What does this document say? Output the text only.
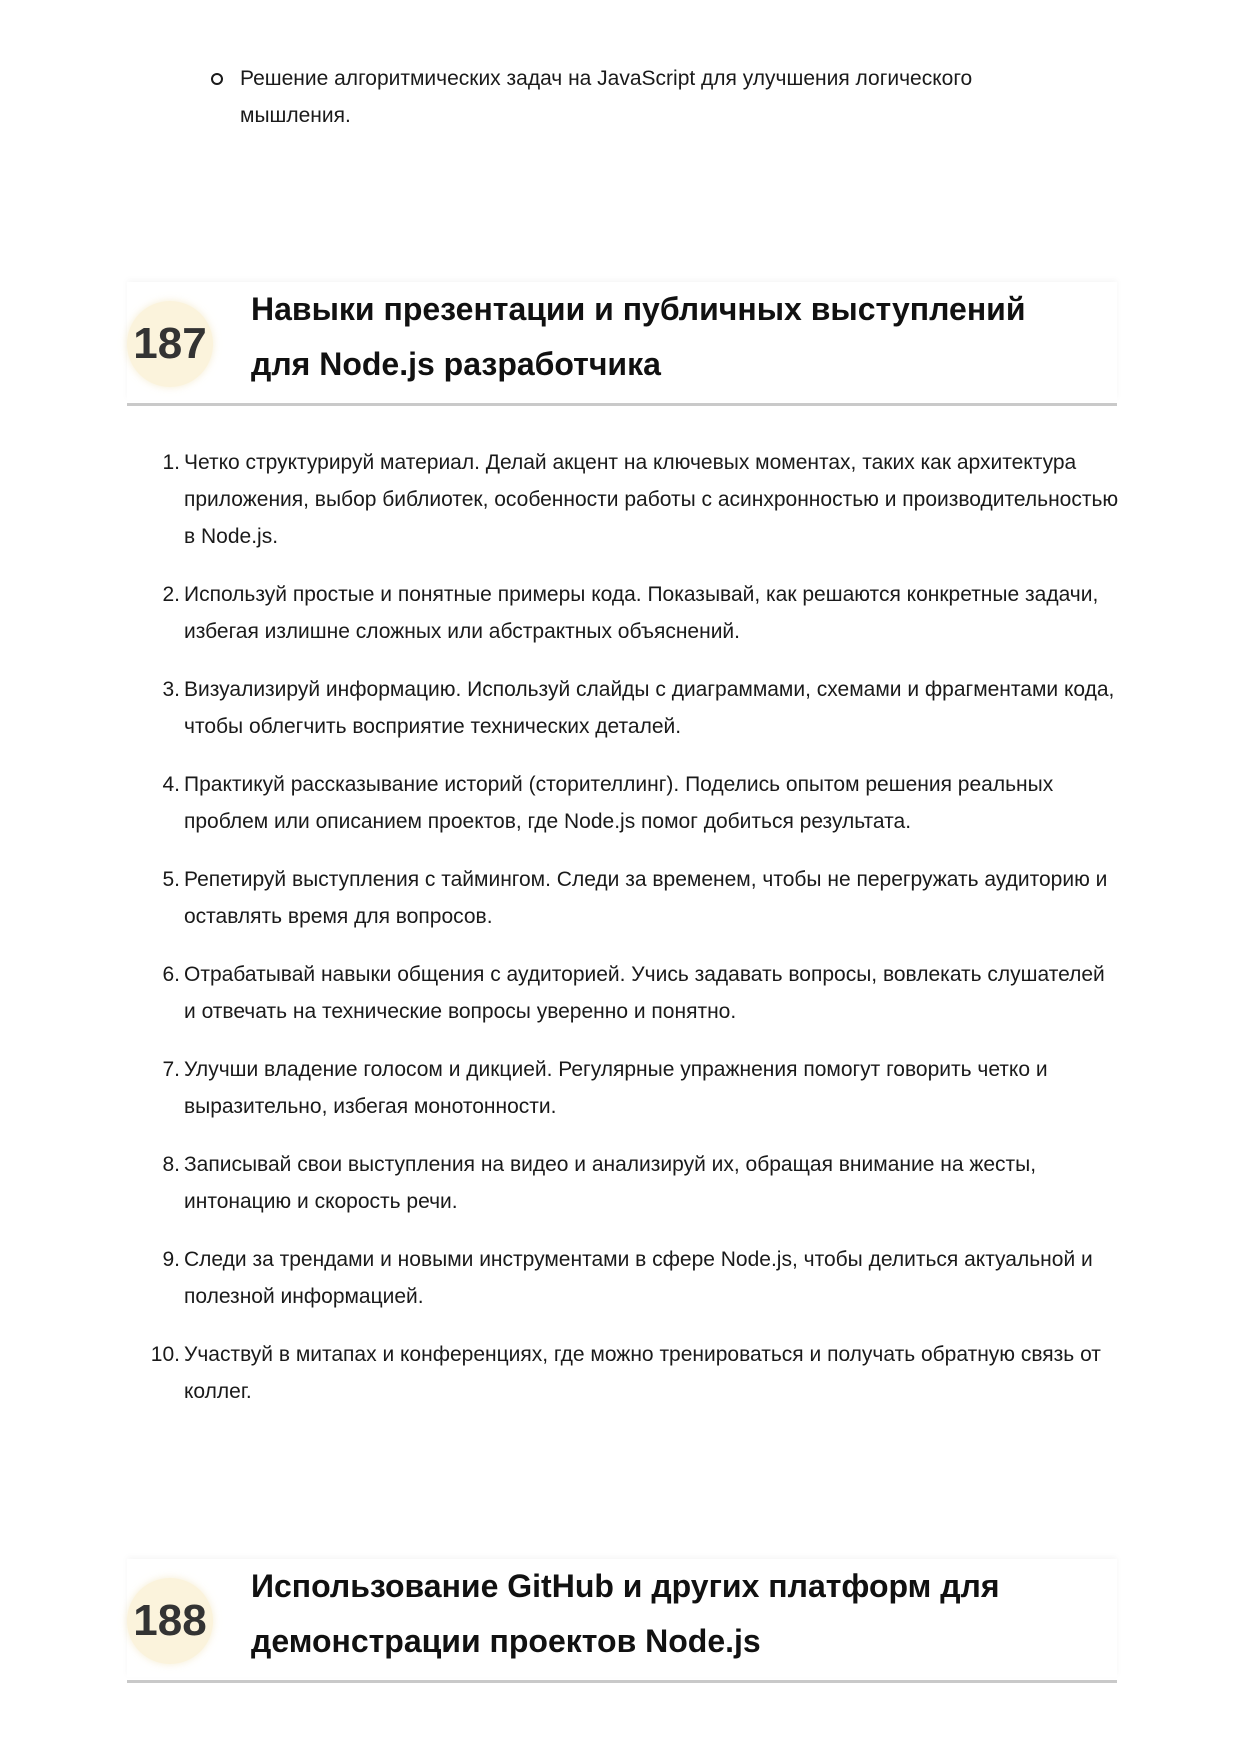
Решение алгоритмических задач на JavaScript для улучшения логического мышления.
187
Навыки презентации и публичных выступлений для Node.js разработчика
1. Четко структурируй материал. Делай акцент на ключевых моментах, таких как архитектура приложения, выбор библиотек, особенности работы с асинхронностью и производительностью в Node.js.
2. Используй простые и понятные примеры кода. Показывай, как решаются конкретные задачи, избегая излишне сложных или абстрактных объяснений.
3. Визуализируй информацию. Используй слайды с диаграммами, схемами и фрагментами кода, чтобы облегчить восприятие технических деталей.
4. Практикуй рассказывание историй (сторителлинг). Поделись опытом решения реальных проблем или описанием проектов, где Node.js помог добиться результата.
5. Репетируй выступления с таймингом. Следи за временем, чтобы не перегружать аудиторию и оставлять время для вопросов.
6. Отрабатывай навыки общения с аудиторией. Учись задавать вопросы, вовлекать слушателей и отвечать на технические вопросы уверенно и понятно.
7. Улучши владение голосом и дикцией. Регулярные упражнения помогут говорить четко и выразительно, избегая монотонности.
8. Записывай свои выступления на видео и анализируй их, обращая внимание на жесты, интонацию и скорость речи.
9. Следи за трендами и новыми инструментами в сфере Node.js, чтобы делиться актуальной и полезной информацией.
10. Участвуй в митапах и конференциях, где можно тренироваться и получать обратную связь от коллег.
188
Использование GitHub и других платформ для демонстрации проектов Node.js
